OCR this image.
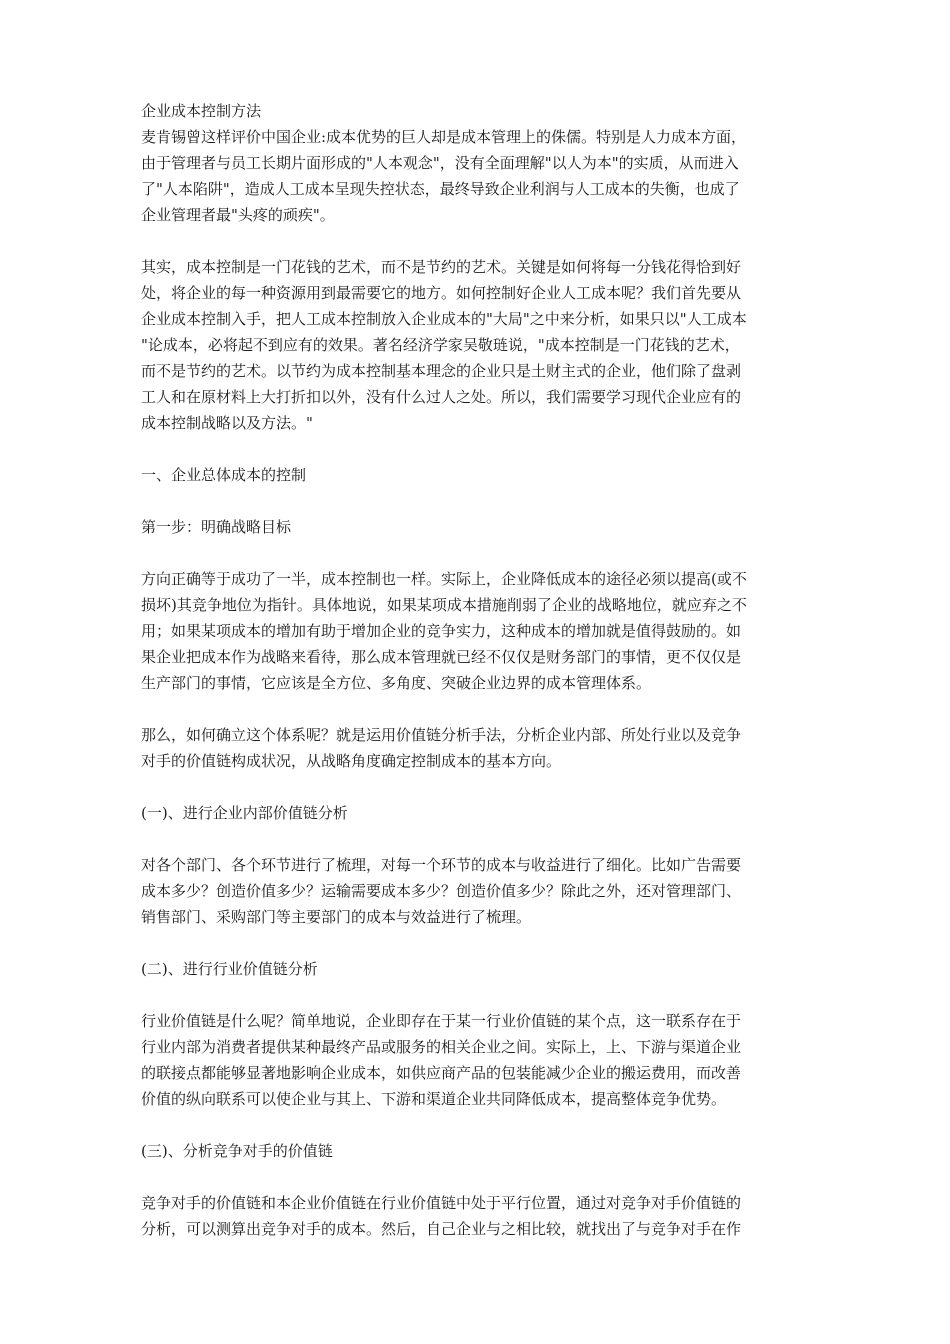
企业成本控制方法
麦肯锡曾这样评价中国企业:成本优势的巨人却是成本管理上的侏儒。特别是人力成本方面，
由于管理者与员工长期片面形成的"人本观念"，没有全面理解"以人为本"的实质，从而进入
了"人本陷阱"，造成人工成本呈现失控状态，最终导致企业利润与人工成本的失衡，也成了
企业管理者最"头疼的顽疾"。
其实，成本控制是一门花钱的艺术，而不是节约的艺术。关键是如何将每一分钱花得恰到好
处，将企业的每一种资源用到最需要它的地方。如何控制好企业人工成本呢？我们首先要从
企业成本控制入手，把人工成本控制放入企业成本的"大局"之中来分析，如果只以"人工成本
"论成本，必将起不到应有的效果。著名经济学家吴敬琏说，"成本控制是一门花钱的艺术，
而不是节约的艺术。以节约为成本控制基本理念的企业只是土财主式的企业，他们除了盘剥
工人和在原材料上大打折扣以外，没有什么过人之处。所以，我们需要学习现代企业应有的
成本控制战略以及方法。"
一、企业总体成本的控制
第一步：明确战略目标
方向正确等于成功了一半，成本控制也一样。实际上，企业降低成本的途径必须以提高(或不
损坏)其竞争地位为指针。具体地说，如果某项成本措施削弱了企业的战略地位，就应弃之不
用；如果某项成本的增加有助于增加企业的竞争实力，这种成本的增加就是值得鼓励的。如
果企业把成本作为战略来看待，那么成本管理就已经不仅仅是财务部门的事情，更不仅仅是
生产部门的事情，它应该是全方位、多角度、突破企业边界的成本管理体系。
那么，如何确立这个体系呢？就是运用价值链分析手法，分析企业内部、所处行业以及竞争
对手的价值链构成状况，从战略角度确定控制成本的基本方向。
(一)、进行企业内部价值链分析
对各个部门、各个环节进行了梳理，对每一个环节的成本与收益进行了细化。比如广告需要
成本多少？创造价值多少？运输需要成本多少？创造价值多少？除此之外，还对管理部门、
销售部门、采购部门等主要部门的成本与效益进行了梳理。
(二)、进行行业价值链分析
行业价值链是什么呢？简单地说，企业即存在于某一行业价值链的某个点，这一联系存在于
行业内部为消费者提供某种最终产品或服务的相关企业之间。实际上，上、下游与渠道企业
的联接点都能够显著地影响企业成本，如供应商产品的包装能减少企业的搬运费用，而改善
价值的纵向联系可以使企业与其上、下游和渠道企业共同降低成本，提高整体竞争优势。
(三)、分析竞争对手的价值链
竞争对手的价值链和本企业价值链在行业价值链中处于平行位置，通过对竞争对手价值链的
分析，可以测算出竞争对手的成本。然后，自己企业与之相比较，就找出了与竞争对手在作
